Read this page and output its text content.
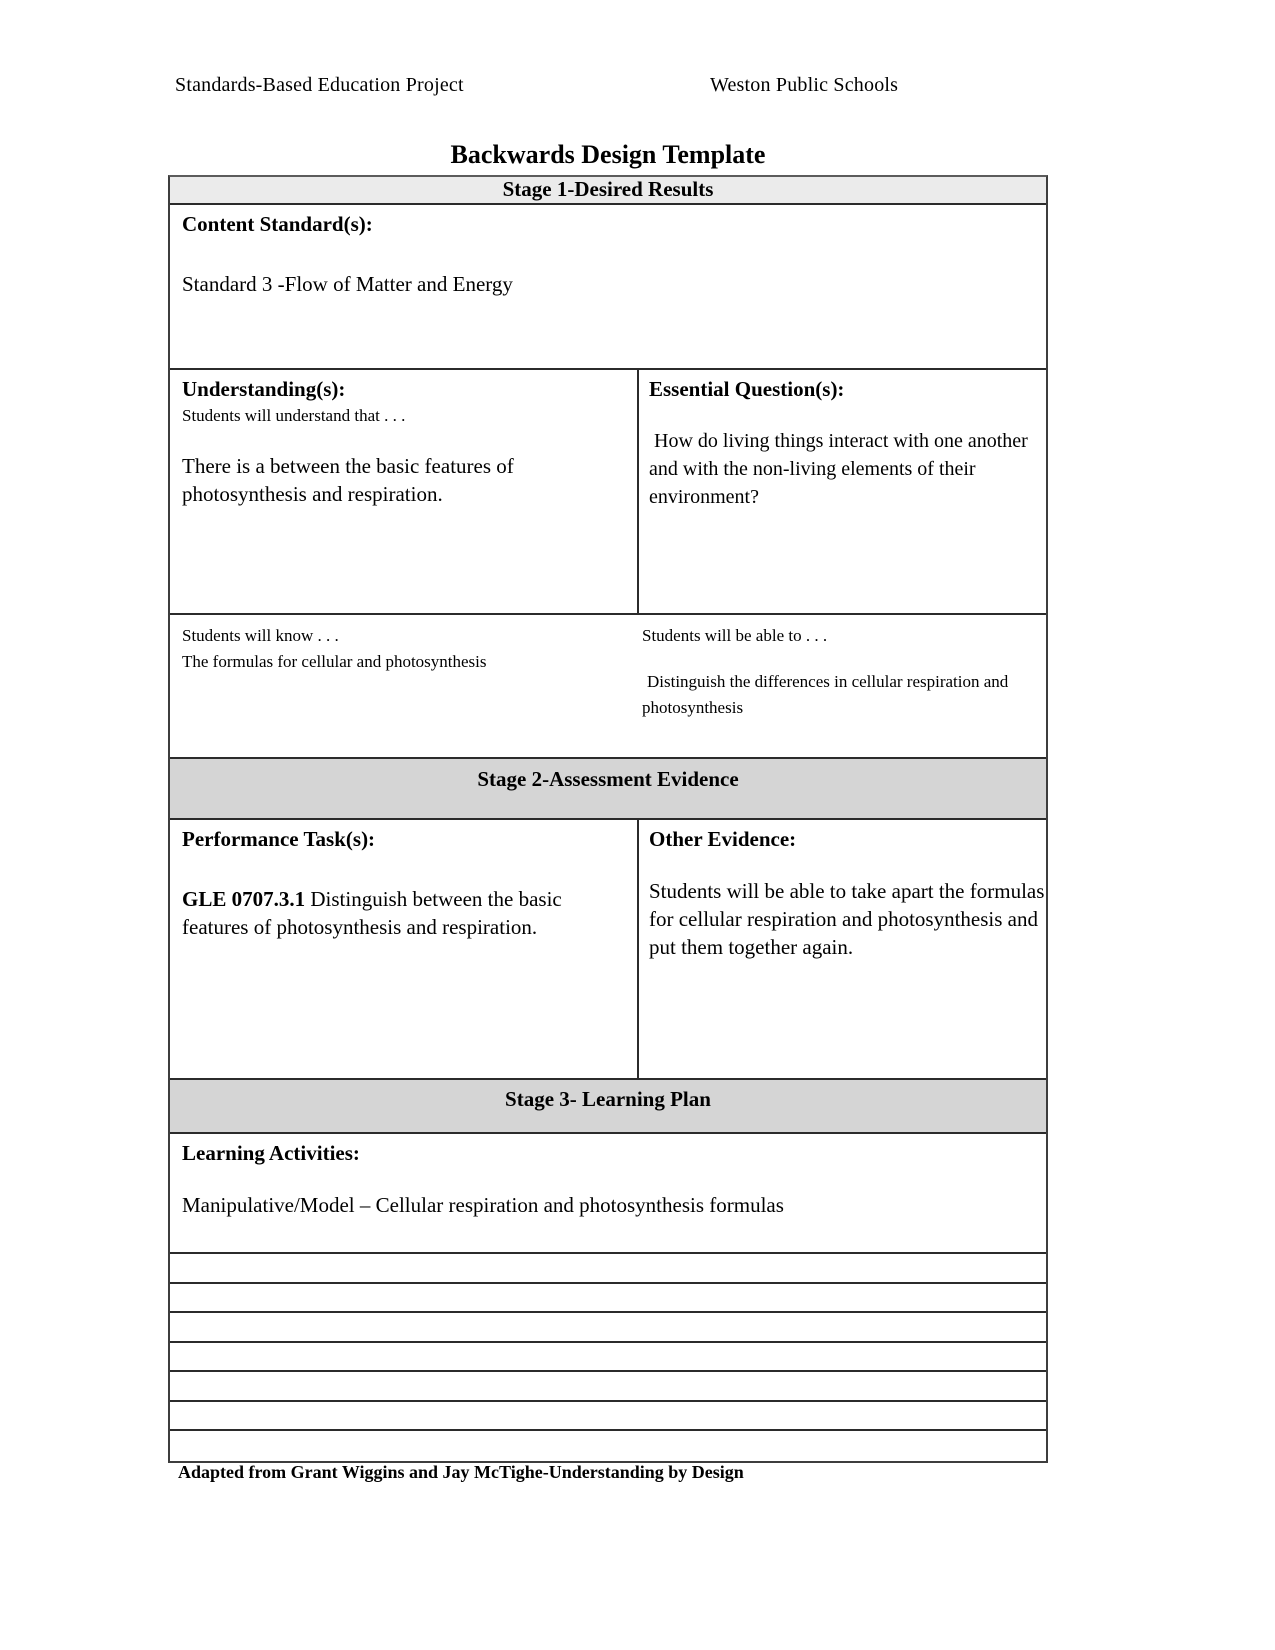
Standards-Based Education Project	Weston Public Schools
Backwards Design Template
Stage 1-Desired Results

Content Standard(s):

Standard 3 -Flow of Matter and Energy

Understanding(s):

Students will understand that . . .

There is a between the basic features of photosynthesis and respiration.

Essential Question(s):

How do living things interact with one another and with the non-living elements of their environment?

Students will know . . .

The formulas for cellular and photosynthesis

Students will be able to . . .

Distinguish the differences in cellular respiration and photosynthesis

Stage 2-Assessment Evidence

Performance Task(s):

GLE 0707.3.1 Distinguish between the basic features of photosynthesis and respiration.

Other Evidence:

Students will be able to take apart the formulas for cellular respiration and photosynthesis and put them together again.

Stage 3- Learning Plan

Learning Activities:

Manipulative/Model – Cellular respiration and photosynthesis formulas

Adapted from Grant Wiggins and Jay McTighe-Understanding by Design
